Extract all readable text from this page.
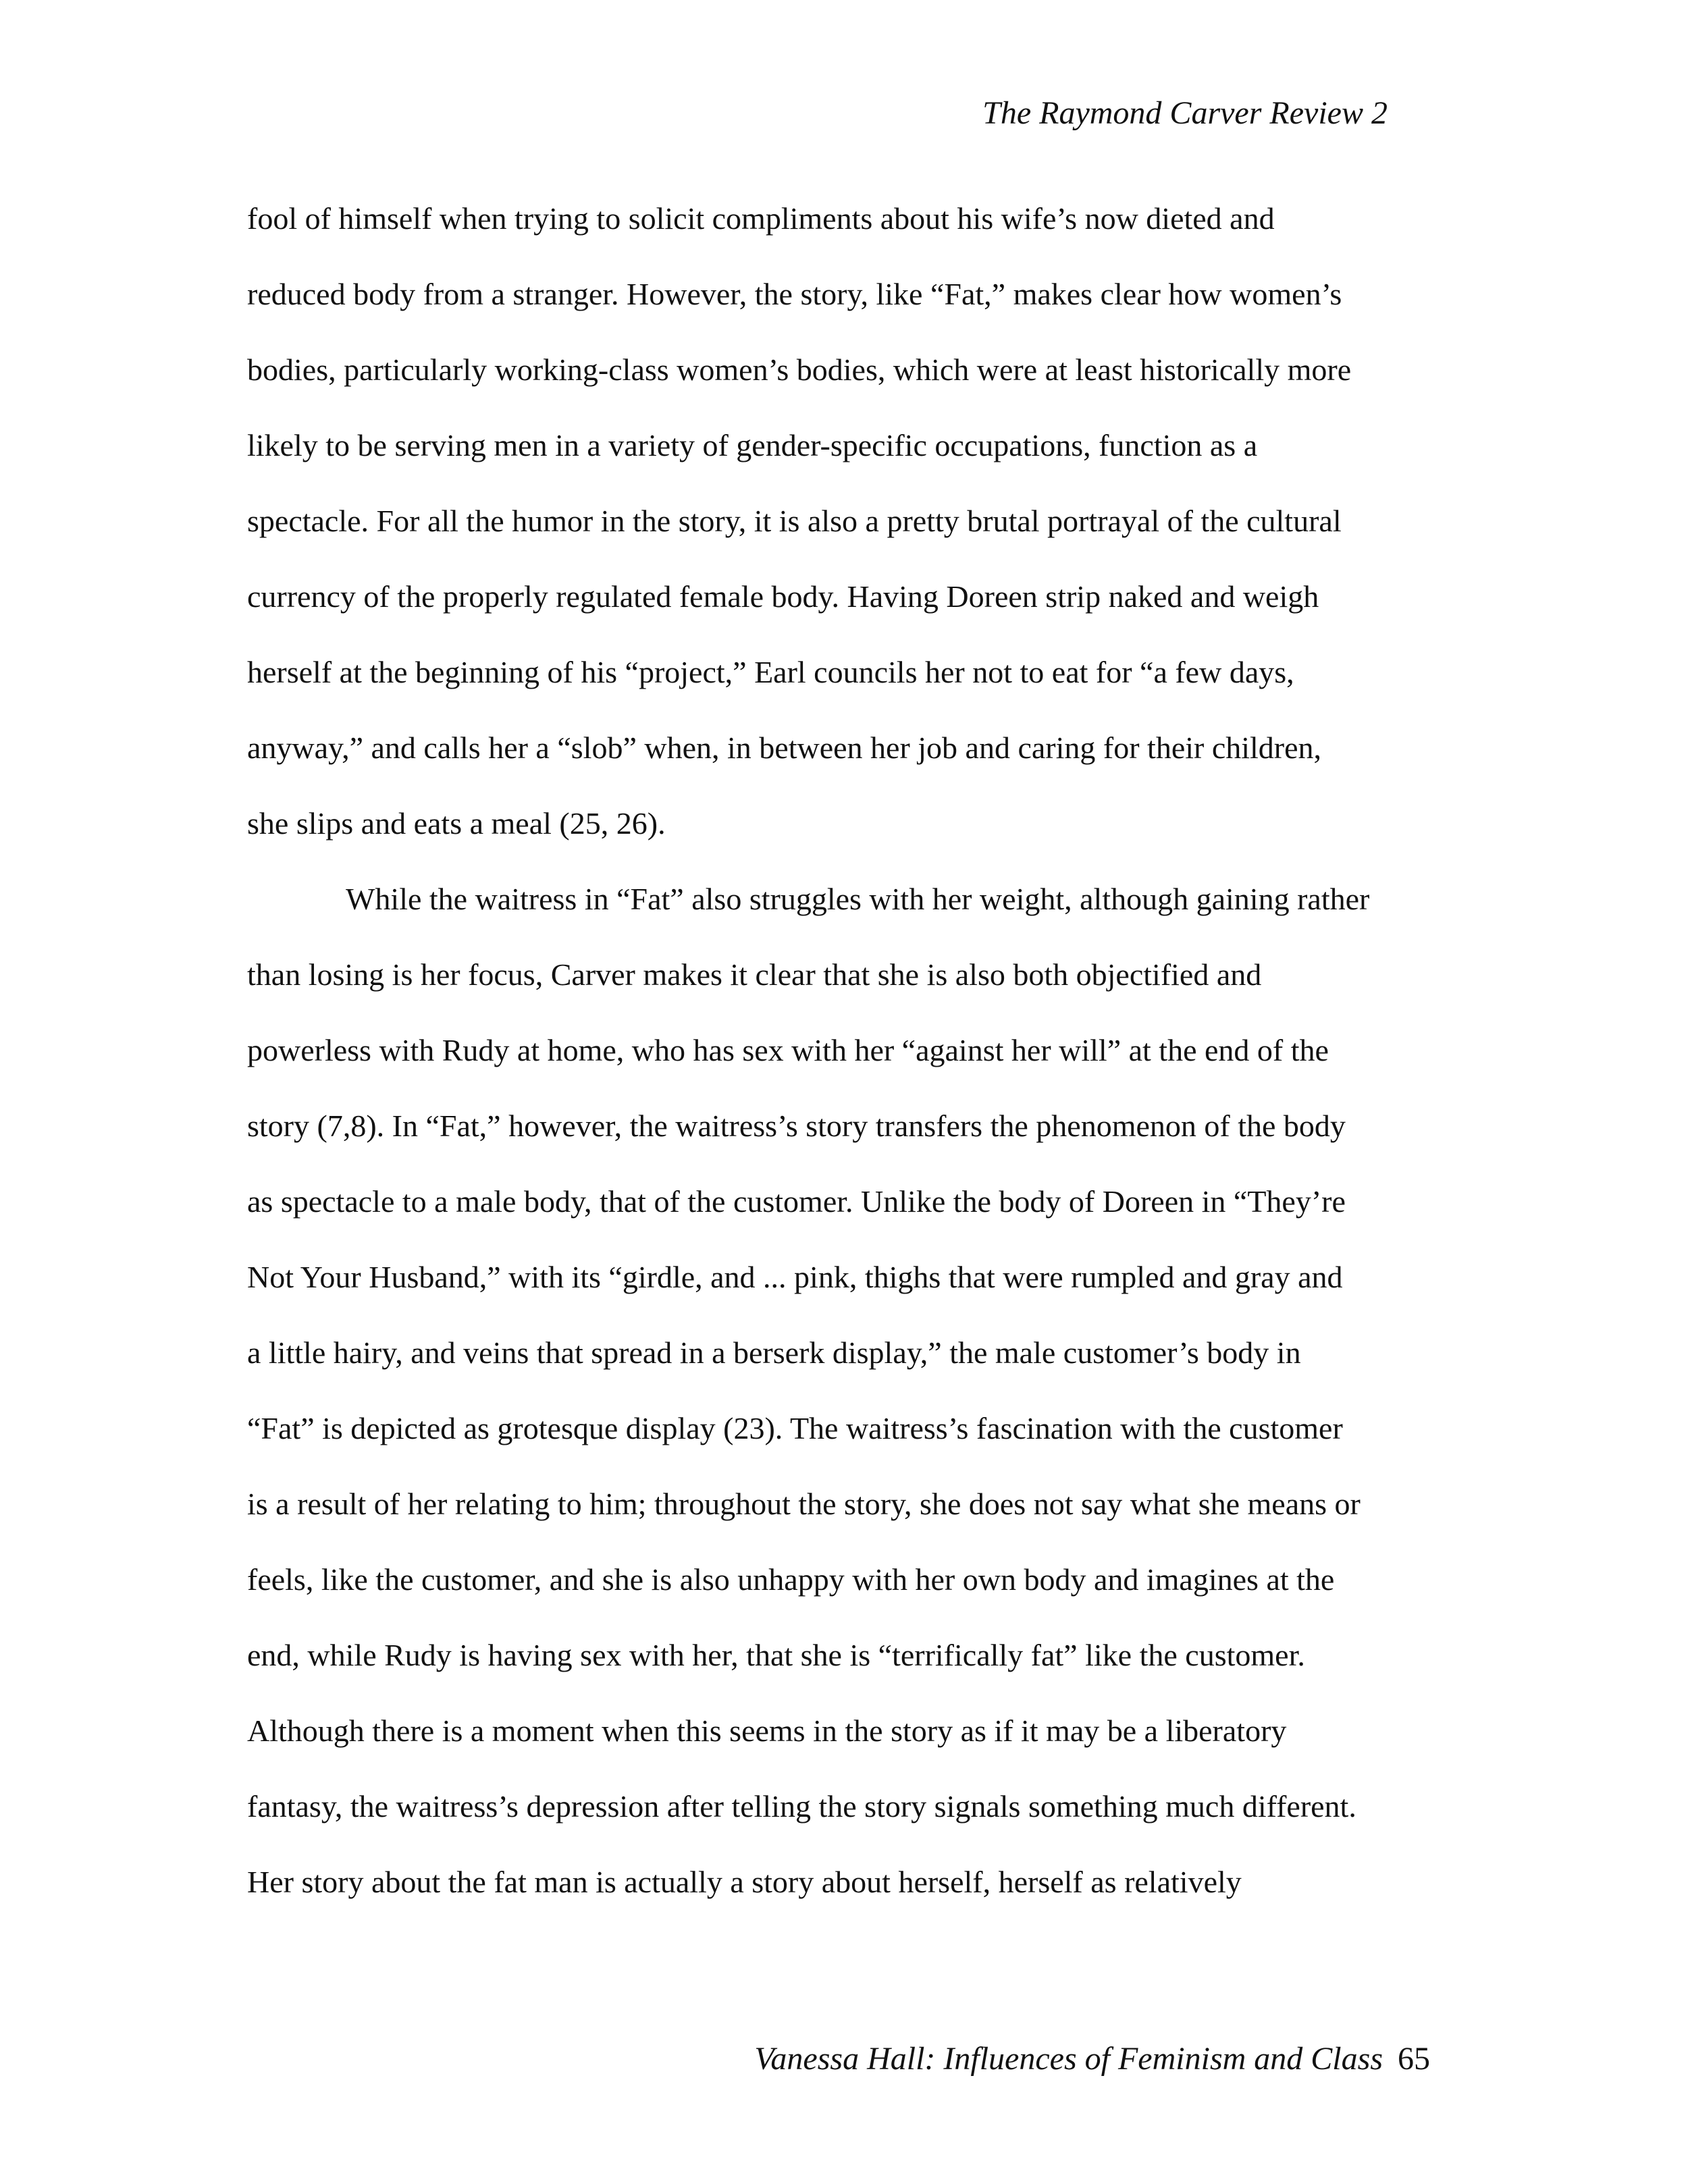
The Raymond Carver Review 2
fool of himself when trying to solicit compliments about his wife’s now dieted and
reduced body from a stranger. However, the story, like “Fat,” makes clear how women’s
bodies, particularly working-class women’s bodies, which were at least historically more
likely to be serving men in a variety of gender-specific occupations, function as a
spectacle. For all the humor in the story, it is also a pretty brutal portrayal of the cultural
currency of the properly regulated female body. Having Doreen strip naked and weigh
herself at the beginning of his “project,” Earl councils her not to eat for “a few days,
anyway,” and calls her a “slob” when, in between her job and caring for their children,
she slips and eats a meal (25, 26).
While the waitress in “Fat” also struggles with her weight, although gaining rather
than losing is her focus, Carver makes it clear that she is also both objectified and
powerless with Rudy at home, who has sex with her “against her will” at the end of the
story (7,8). In “Fat,” however, the waitress’s story transfers the phenomenon of the body
as spectacle to a male body, that of the customer. Unlike the body of Doreen in “They’re
Not Your Husband,” with its “girdle, and ... pink, thighs that were rumpled and gray and
a little hairy, and veins that spread in a berserk display,” the male customer’s body in
“Fat” is depicted as grotesque display (23). The waitress’s fascination with the customer
is a result of her relating to him; throughout the story, she does not say what she means or
feels, like the customer, and she is also unhappy with her own body and imagines at the
end, while Rudy is having sex with her, that she is “terrifically fat” like the customer.
Although there is a moment when this seems in the story as if it may be a liberatory
fantasy, the waitress’s depression after telling the story signals something much different.
Her story about the fat man is actually a story about herself, herself as relatively
Vanessa Hall: Influences of Feminism and Class 65
